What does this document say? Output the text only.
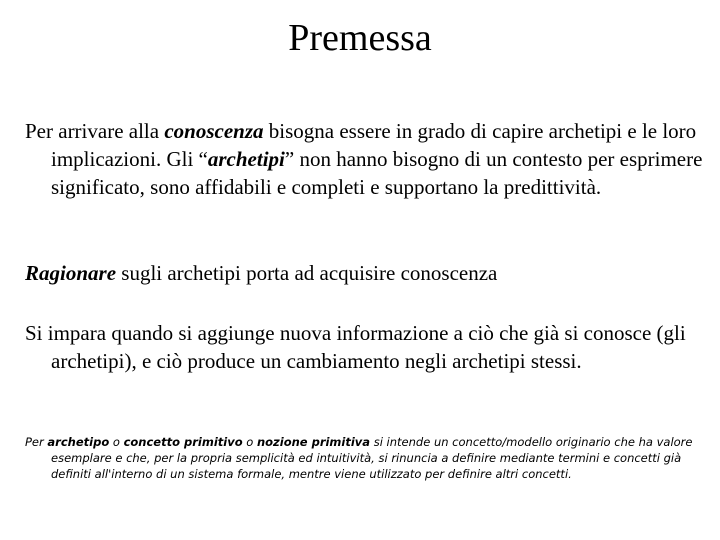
Premessa
Per arrivare alla conoscenza bisogna essere in grado di capire archetipi e le loro implicazioni. Gli “archetipi” non hanno bisogno di un contesto per esprimere significato, sono affidabili e completi e supportano la predittività.
Ragionare sugli archetipi porta ad acquisire conoscenza
Si impara quando si aggiunge nuova informazione a ciò che già si conosce (gli archetipi), e ciò produce un cambiamento negli archetipi stessi.
Per archetipo o concetto primitivo o nozione primitiva si intende un concetto/modello originario che ha valore esemplare e che, per la propria semplicità ed intuitività, si rinuncia a definire mediante termini e concetti già definiti all'interno di un sistema formale, mentre viene utilizzato per definire altri concetti.
